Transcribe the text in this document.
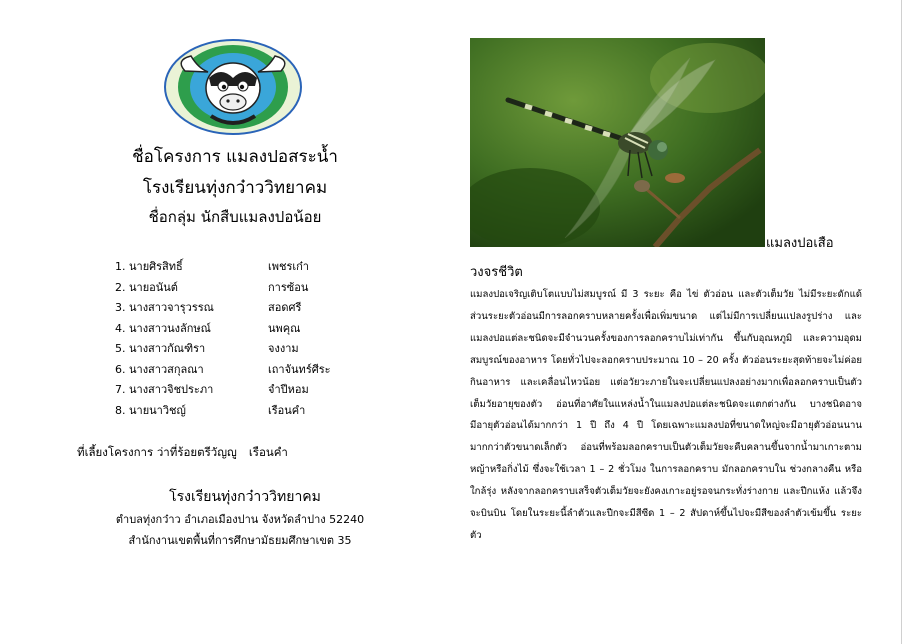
ชื่อโครงการ แมลงปอสระน้ำ
โรงเรียนทุ่งกว๋าววิทยาคม
ชื่อกลุ่ม นักสืบแมลงปอน้อย
1. นายศิรสิทธิ์	เพชรเก๋า
2. นายอนันต์	การซ้อน
3. นางสาวจารุวรรณ	สอดศรี
4. นางสาวนงลักษณ์	นพคุณ
5. นางสาวกัณฑิรา	จงงาม
6. นางสาวสกุลณา	เถาจันทร์ศีระ
7. นางสาวจิชประภา	จำปีหอม
8. นายนาวิชญ์	เรือนคำ
ที่เลี้ยงโครงการ ว่าที่ร้อยตรีวัญญู เรือนคำ
โรงเรียนทุ่งกว๋าววิทยาคม
ตำบลทุ่งกว๋าว อำเภอเมืองปาน จังหวัดลำปาง 52240
สำนักงานเขตพื้นที่การศึกษามัธยมศึกษาเขต 35
แมลงปอเสือ
วงจรชีวิต

แมลงปอเจริญเติบโตแบบไม่สมบูรณ์ มี 3 ระยะ คือ ไข่ ตัวอ่อน และตัวเต็มวัย ไม่มีระยะดักแด้ ส่วนระยะตัวอ่อนมีการลอกคราบหลายครั้งเพื่อเพิ่มขนาด แต่ไม่มีการเปลี่ยนแปลงรูปร่าง และแมลงปอแต่ละชนิดจะมีจำนวนครั้งของการลอกคราบไม่เท่ากัน ขึ้นกับอุณหภูมิ และความอุดมสมบูรณ์ของอาหาร โดยทั่วไปจะลอกคราบประมาณ 10 – 20 ครั้ง ตัวอ่อนระยะสุดท้ายจะไม่ค่อยกินอาหาร และเคลื่อนไหวน้อย แต่อวัยวะภายในจะเปลี่ยนแปลงอย่างมากเพื่อลอกคราบเป็นตัวเต็มวัยอายุของตัว อ่อนที่อาศัยในแหล่งน้ำในแมลงปอแต่ละชนิดจะแตกต่างกัน บางชนิดอาจมีอายุตัวอ่อนได้มากกว่า 1 ปี ถึง 4 ปี โดยเฉพาะแมลงปอที่ขนาดใหญ่จะมีอายุตัวอ่อนนานมากกว่าตัวขนาดเล็กตัว อ่อนที่พร้อมลอกคราบเป็นตัวเต็มวัยจะคืบคลานขึ้นจากน้ำมาเกาะตาม หญ้าหรือกิ่งไม้ ซึ่งจะใช้เวลา 1 – 2 ชั่วโมง ในการลอกคราบ มักลอกคราบใน ช่วงกลางคืน หรือใกล้รุ่ง หลังจากลอกคราบเสร็จตัวเต็มวัยจะยังคงเกาะอยู่รอจนกระทั่งร่างกาย และปีกแห้ง แล้วจึงจะบินบิน โดยในระยะนี้ลำตัวและปีกจะมีสีซีด 1 – 2 สัปดาห์ขึ้นไปจะมีสีของลำตัวเข้มขึ้น ระยะตัว
